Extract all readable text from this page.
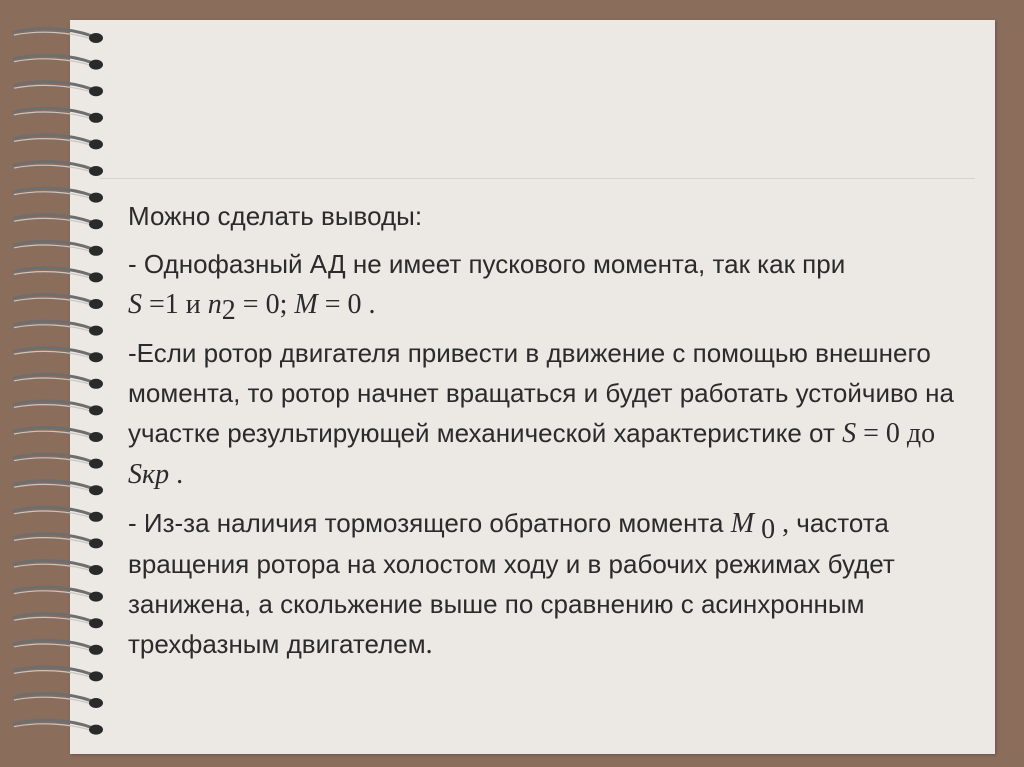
Можно сделать выводы:

- Однофазный АД не имеет пускового момента, так как при

S =1 и $n_2 = 0$; M = 0 .

-Если ротор двигателя привести в движение с помощью внешнего момента, то ротор начнет вращаться и будет работать устойчиво на участке результирующей механической характеристике от S = 0 до Sкр .

- Из-за наличия тормозящего обратного момента M $_0$ , частота вращения ротора на холостом ходу и в рабочих режимах будет занижена, а скольжение выше по сравнению с асинхронным трехфазным двигателем.
